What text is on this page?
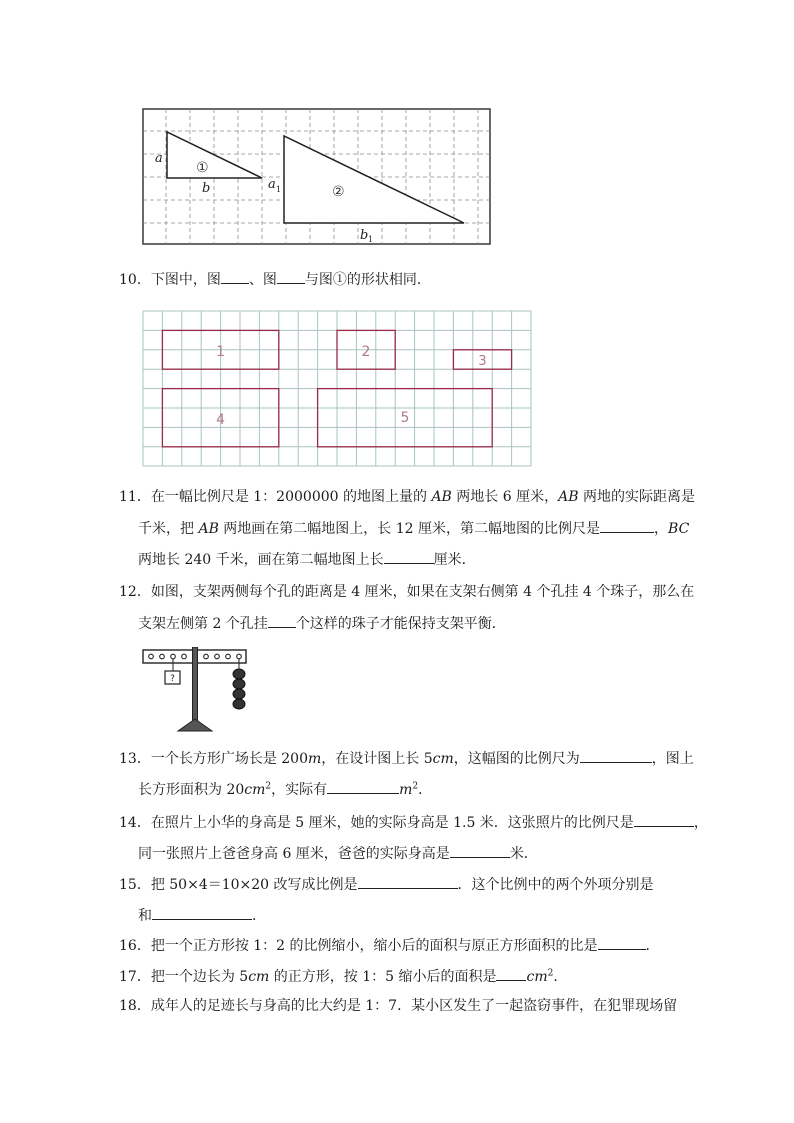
a
b	a 1
b 1
①
②
10．下图中，图 、图 与图①的形状相同．
1	2
3
4	5
11．在一幅比例尺是 1：2000000 的地图上量的 AB 两地长 6 厘米，AB 两地的实际距离是
千米，把 AB 两地画在第二幅地图上，长 12 厘米，第二幅地图的比例尺是	，BC
两地长 240 千米，画在第二幅地图上长	厘米．
12．如图，支架两侧每个孔的距离是 4 厘米，如果在支架右侧第 4 个孔挂 4 个珠子，那么在
支架左侧第 2 个孔挂 个这样的珠子才能保持支架平衡．
?
13．一个长方形广场长是 200m，在设计图上长 5cm，这幅图的比例尺为	，图上
长方形面积为 $20cm^2$，实际有	$m^2$．
14．在照片上小华的身高是 5 厘米，她的实际身高是 1.5 米．这张照片的比例尺是	，
同一张照片上爸爸身高 6 厘米，爸爸的实际身高是	米．
15．把 50×4＝10×20 改写成比例是	．这个比例中的两个外项分别是
和	．
16．把一个正方形按 1：2 的比例缩小，缩小后的面积与原正方形面积的比是	．
17．把一个边长为 5cm 的正方形，按 1：5 缩小后的面积是 $cm^2$．
18．成年人的足迹长与身高的比大约是 1：7．某小区发生了一起盗窃事件，在犯罪现场留
